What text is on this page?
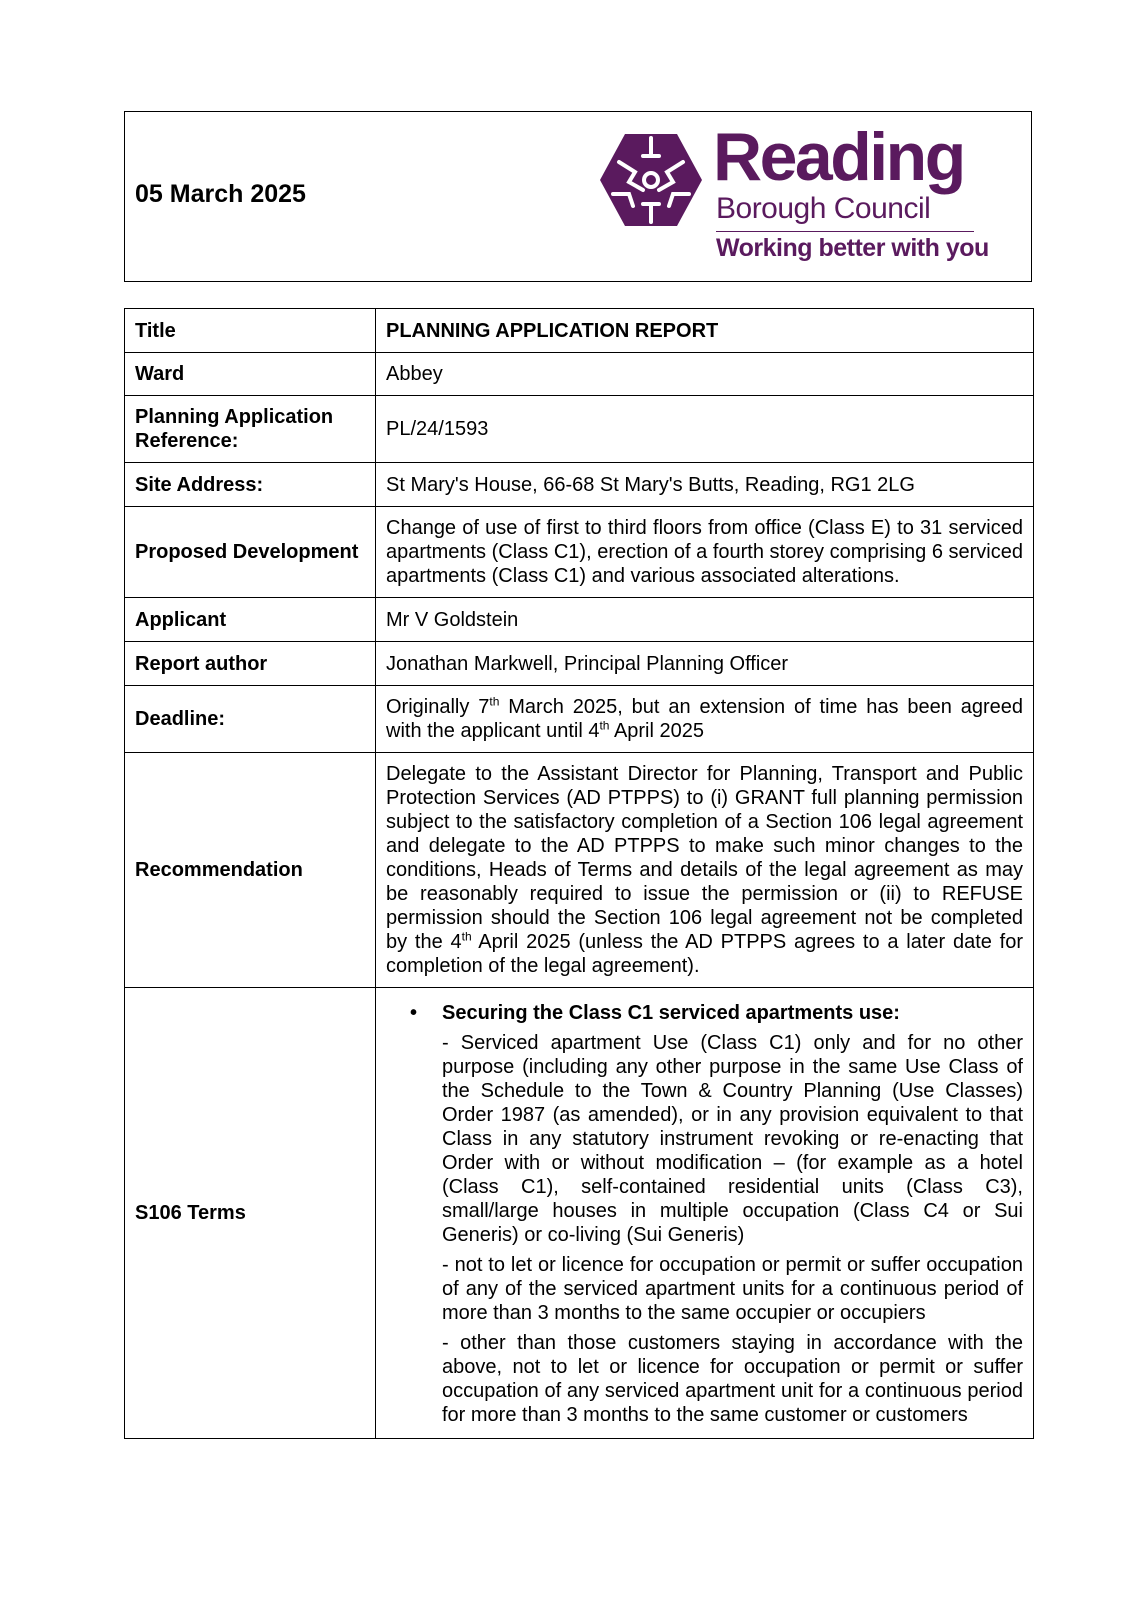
05 March 2025	Reading
Borough Council
Working better with you
Title	PLANNING APPLICATION REPORT
Ward	Abbey
Planning Application Reference:	PL/24/1593
Site Address:	St Mary's House, 66-68 St Mary's Butts, Reading, RG1 2LG
Proposed Development	Change of use of first to third floors from office (Class E) to 31 serviced apartments (Class C1), erection of a fourth storey comprising 6 serviced apartments (Class C1) and various associated alterations.
Applicant	Mr V Goldstein
Report author	Jonathan Markwell, Principal Planning Officer
Deadline:	Originally 7th March 2025, but an extension of time has been agreed with the applicant until 4th April 2025
Recommendation	Delegate to the Assistant Director for Planning, Transport and Public Protection Services (AD PTPPS) to (i) GRANT full planning permission subject to the satisfactory completion of a Section 106 legal agreement and delegate to the AD PTPPS to make such minor changes to the conditions, Heads of Terms and details of the legal agreement as may be reasonably required to issue the permission or (ii) to REFUSE permission should the Section 106 legal agreement not be completed by the 4th April 2025 (unless the AD PTPPS agrees to a later date for completion of the legal agreement).
S106 Terms	• Securing the Class C1 serviced apartments use:
- Serviced apartment Use (Class C1) only and for no other purpose (including any other purpose in the same Use Class of the Schedule to the Town & Country Planning (Use Classes) Order 1987 (as amended), or in any provision equivalent to that Class in any statutory instrument revoking or re-enacting that Order with or without modification – (for example as a hotel (Class C1), self-contained residential units (Class C3), small/large houses in multiple occupation (Class C4 or Sui Generis) or co-living (Sui Generis)
- not to let or licence for occupation or permit or suffer occupation of any of the serviced apartment units for a continuous period of more than 3 months to the same occupier or occupiers
- other than those customers staying in accordance with the above, not to let or licence for occupation or permit or suffer occupation of any serviced apartment unit for a continuous period for more than 3 months to the same customer or customers
